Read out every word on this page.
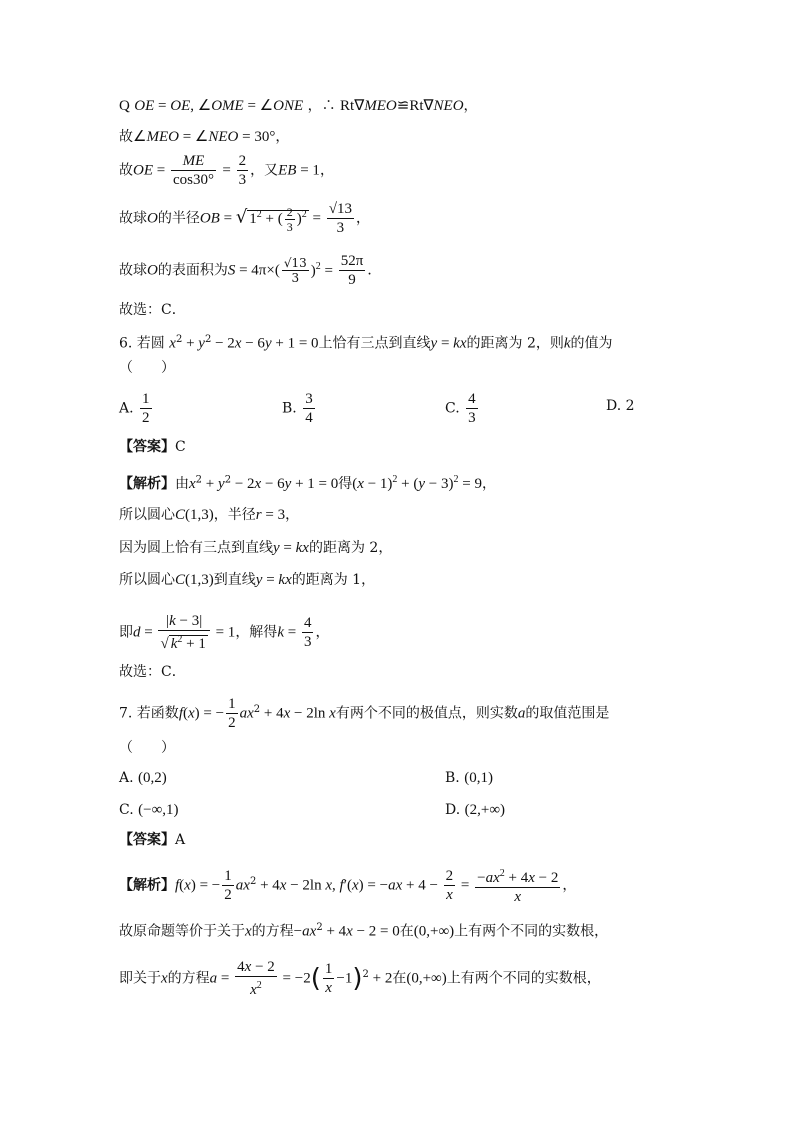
Q OE = OE, ∠OME = ∠ONE ，∴ Rt∇MEO≌Rt∇NEO，
故∠MEO = ∠NEO = 30°，
故OE = $\frac{ME}{\cos 30^\circ} = \frac{2}{3}$ ，又EB = 1，
故球O的半径OB = √ $1^2$ + ( $\frac{2}{3} )^2 = \frac{√13}{3}$ ，
故球O的表面积为$S = 4\pi\times( \frac{√13}{3} )^2 = \frac{52\pi}{9}$ ．
故选：C．
6. 若圆 $x^2 + y^2 - 2x - 6y + 1 = 0$上恰有三点到直线y = kx的距离为 2，则k的值为
（　　）
A. $\frac{1}{2}$	B. $\frac{3}{4}$	C. $\frac{4}{3}$	D. 2
【答案】C
【解析】由$x^2 + y^2 - 2x - 6y + 1 = 0$得$(x - 1)^2 + (y - 3)^2 = 9$，
所以圆心C(1,3)，半径r = 3，
因为圆上恰有三点到直线y = kx的距离为 2，
所以圆心C(1,3)到直线y = kx的距离为 1，
即$d = \frac{|k - 3|}{√ k^2 + 1} = 1$，解得$k = \frac{4}{3}$ ，
故选：C．
7. 若函数f(x) = − $\frac{1}{2} ax^2 + 4x - 2\ln$ x有两个不同的极值点，则实数a的取值范围是
（　　）
A. (0,2)	B. (0,1)
C. (−∞,1)	D. (2,+∞)
【答案】A
【解析】f(x) = − $\frac{1}{2} ax^2 + 4x - 2\ln$ x, $f'(x) = -ax + 4 - \frac{2}{x} = \frac{-ax^2 + 4x - 2}{x}$ ，
故原命题等价于关于x的方程$-ax^2 + 4x - 2 = 0$在(0,+∞)上有两个不同的实数根，
即关于x的方程$a = \frac{4x - 2}{x^2} = -2( \frac{1}{x} -1)^2 + 2$在(0,+∞)上有两个不同的实数根，
